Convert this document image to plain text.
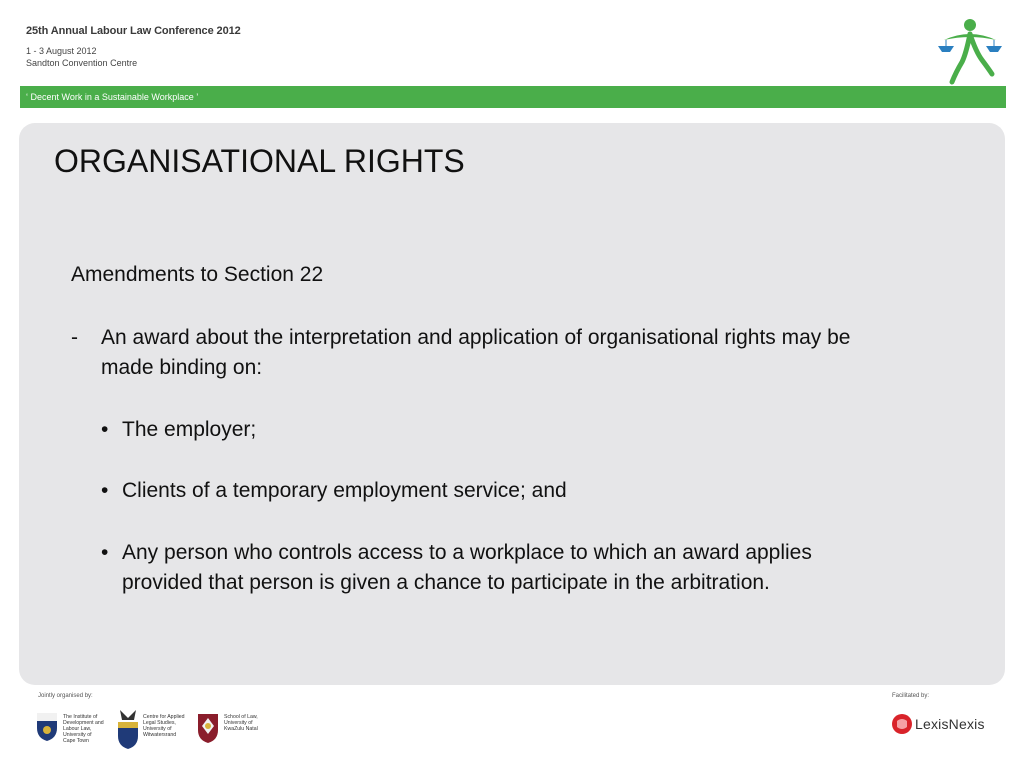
25th Annual Labour Law Conference 2012
1 - 3 August 2012
Sandton Convention Centre
‘ Decent Work in a Sustainable Workplace ’
ORGANISATIONAL RIGHTS
Amendments to Section 22
- An award about the interpretation and application of organisational rights may be made binding on:
• The employer;
• Clients of a temporary employment service; and
• Any person who controls access to a workplace to which an award applies provided that person is given a chance to participate in the arbitration.
Jointly organised by:	Facilitated by:
The Institute of
Development and
Labour Law,
University of
Cape Town
Centre for Applied
Legal Studies,
University of
Witwatersrand
School of Law,
University of
KwaZulu Natal	LexisNexis
